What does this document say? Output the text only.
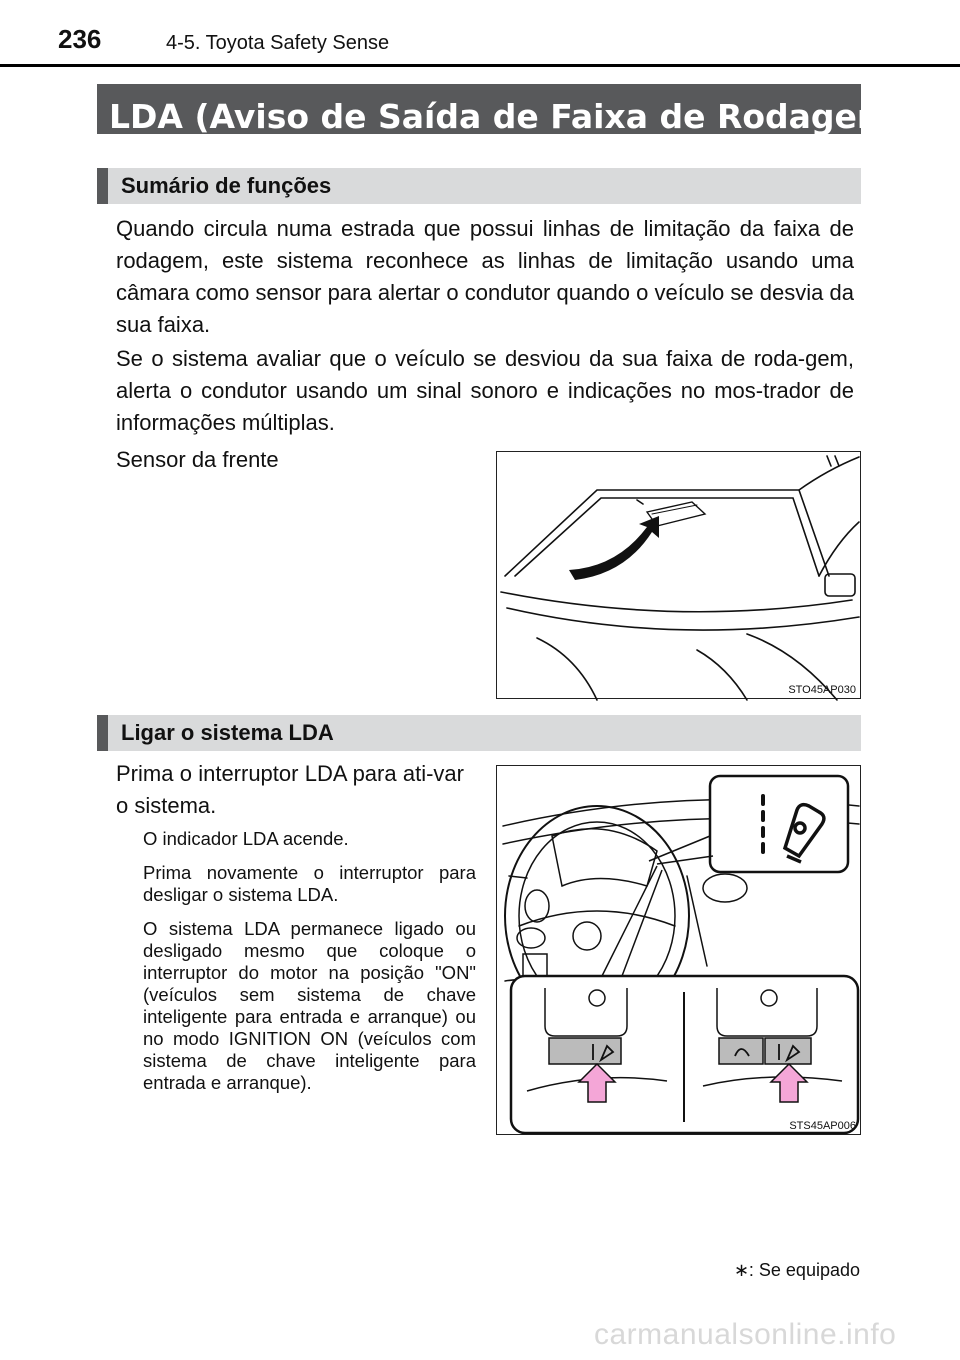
236	4-5. Toyota Safety Sense
LDA (Aviso de Saída de Faixa de Rodagem) ∗
Sumário de funções

Quando circula numa estrada que possui linhas de limitação da faixa de rodagem, este sistema reconhece as linhas de limitação usando uma câmara como sensor para alertar o condutor quando o veículo se desvia da sua faixa.

Se o sistema avaliar que o veículo se desviou da sua faixa de roda-gem, alerta o condutor usando um sinal sonoro e indicações no mos-trador de informações múltiplas.

Sensor da frente

STO45AP030
Ligar o sistema LDA

Prima o interruptor LDA para ati-var o sistema.

O indicador LDA acende.

Prima novamente o interruptor para desligar o sistema LDA.

O sistema LDA permanece ligado ou desligado mesmo que coloque o interruptor do motor na posição "ON" (veículos sem sistema de chave inteligente para entrada e arranque) ou no modo IGNITION ON (veículos com sistema de chave inteligente para entrada e arranque).

STS45AP006
∗: Se equipado
carmanualsonline.info
